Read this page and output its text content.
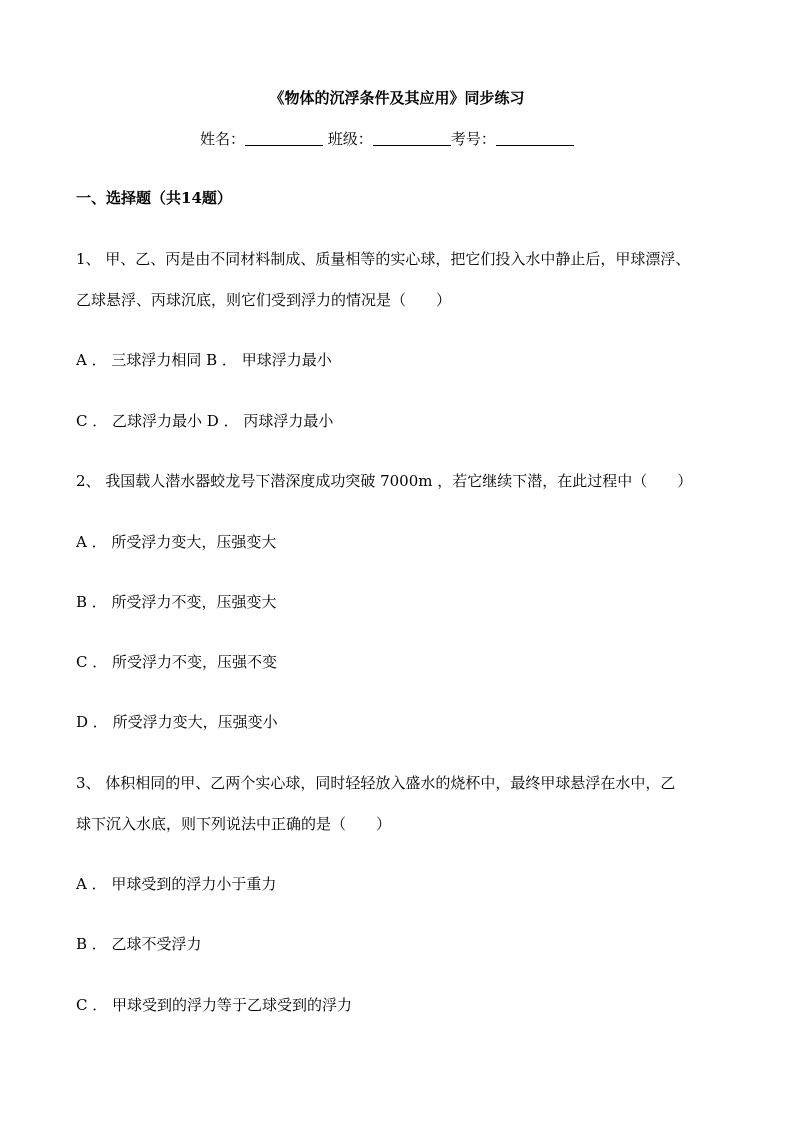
《物体的沉浮条件及其应用》同步练习
姓名：	班级：	考号：
一、选择题（共14题）
1、 甲、乙、丙是由不同材料制成、质量相等的实心球，把它们投入水中静止后，甲球漂浮、
乙球悬浮、丙球沉底，则它们受到浮力的情况是（　　）
A ． 三球浮力相同 B ． 甲球浮力最小
C ． 乙球浮力最小 D ． 丙球浮力最小
2、 我国载人潜水器蛟龙号下潜深度成功突破 7000m ，若它继续下潜，在此过程中（　　）
A ． 所受浮力变大，压强变大
B ． 所受浮力不变，压强变大
C ． 所受浮力不变，压强不变
D ． 所受浮力变大，压强变小
3、 体积相同的甲、乙两个实心球，同时轻轻放入盛水的烧杯中，最终甲球悬浮在水中，乙
球下沉入水底，则下列说法中正确的是（　　）
A ． 甲球受到的浮力小于重力
B ． 乙球不受浮力
C ． 甲球受到的浮力等于乙球受到的浮力
